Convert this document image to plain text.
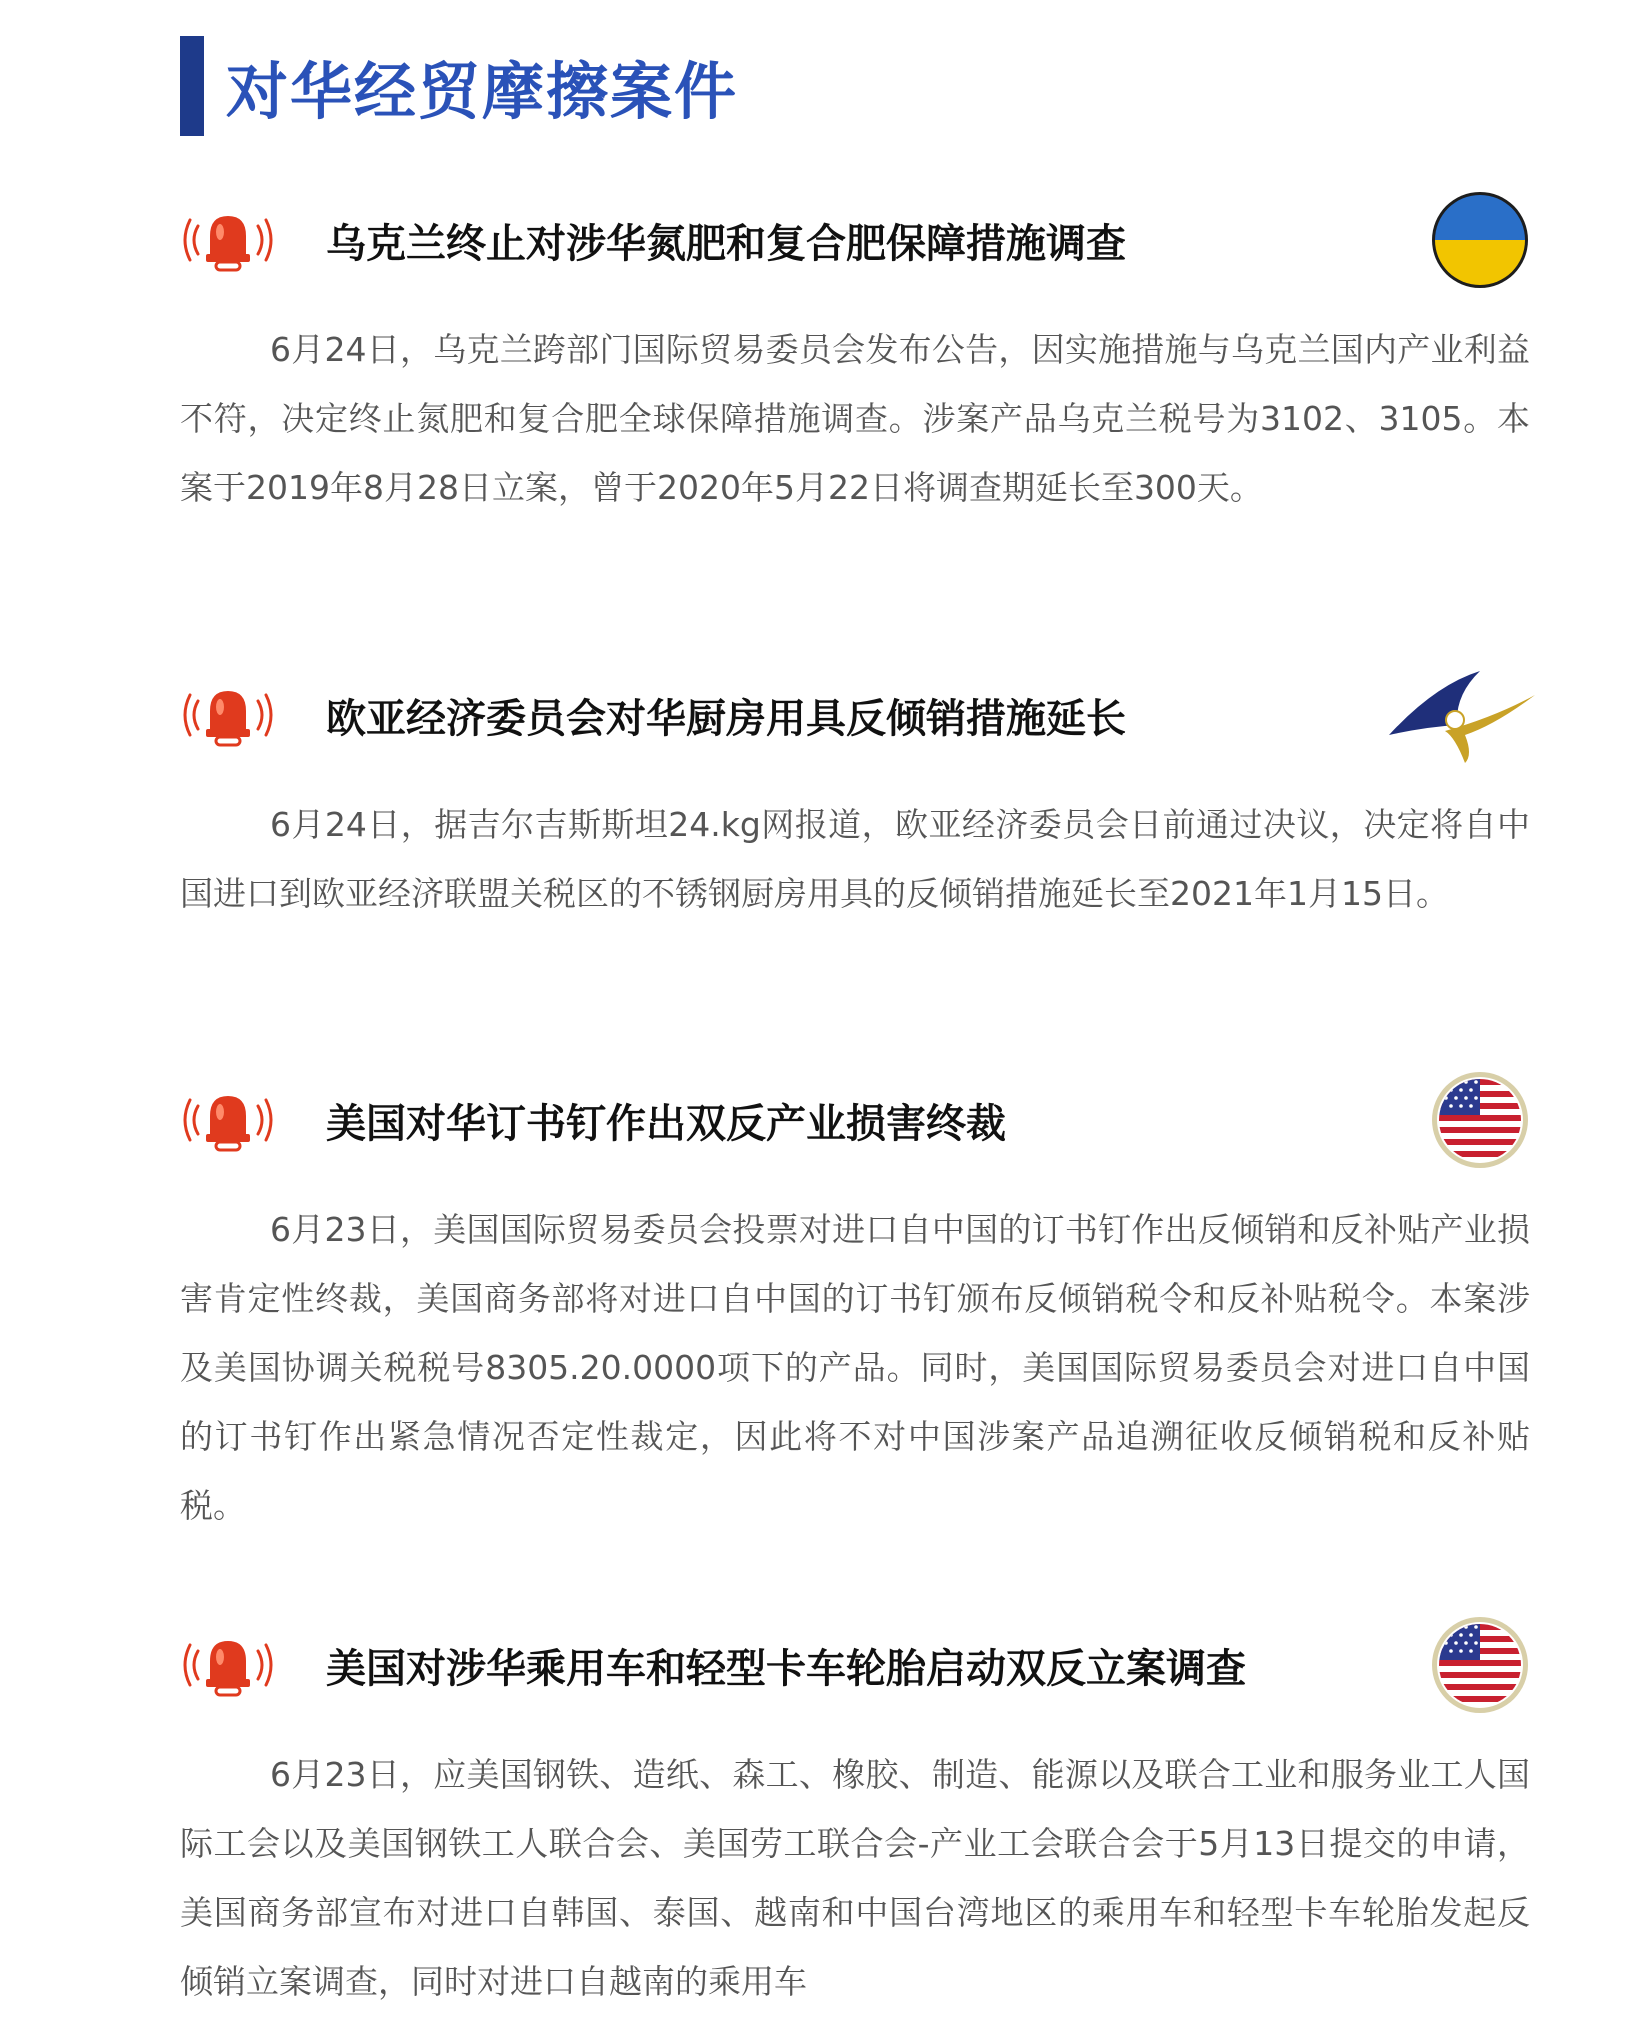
对华经贸摩擦案件
乌克兰终止对涉华氮肥和复合肥保障措施调查

6月24日，乌克兰跨部门国际贸易委员会发布公告，因实施措施与乌克兰国内产业利益不符，决定终止氮肥和复合肥全球保障措施调查。涉案产品乌克兰税号为3102、3105。本案于2019年8月28日立案，曾于2020年5月22日将调查期延长至300天。

欧亚经济委员会对华厨房用具反倾销措施延长

6月24日，据吉尔吉斯斯坦24.kg网报道，欧亚经济委员会日前通过决议，决定将自中国进口到欧亚经济联盟关税区的不锈钢厨房用具的反倾销措施延长至2021年1月15日。

美国对华订书钉作出双反产业损害终裁

6月23日，美国国际贸易委员会投票对进口自中国的订书钉作出反倾销和反补贴产业损害肯定性终裁，美国商务部将对进口自中国的订书钉颁布反倾销税令和反补贴税令。本案涉及美国协调关税税号8305.20.0000项下的产品。同时，美国国际贸易委员会对进口自中国的订书钉作出紧急情况否定性裁定，因此将不对中国涉案产品追溯征收反倾销税和反补贴税。

美国对涉华乘用车和轻型卡车轮胎启动双反立案调查

6月23日，应美国钢铁、造纸、森工、橡胶、制造、能源以及联合工业和服务业工人国际工会以及美国钢铁工人联合会、美国劳工联合会-产业工会联合会于5月13日提交的申请，美国商务部宣布对进口自韩国、泰国、越南和中国台湾地区的乘用车和轻型卡车轮胎发起反倾销立案调查，同时对进口自越南的乘用车
